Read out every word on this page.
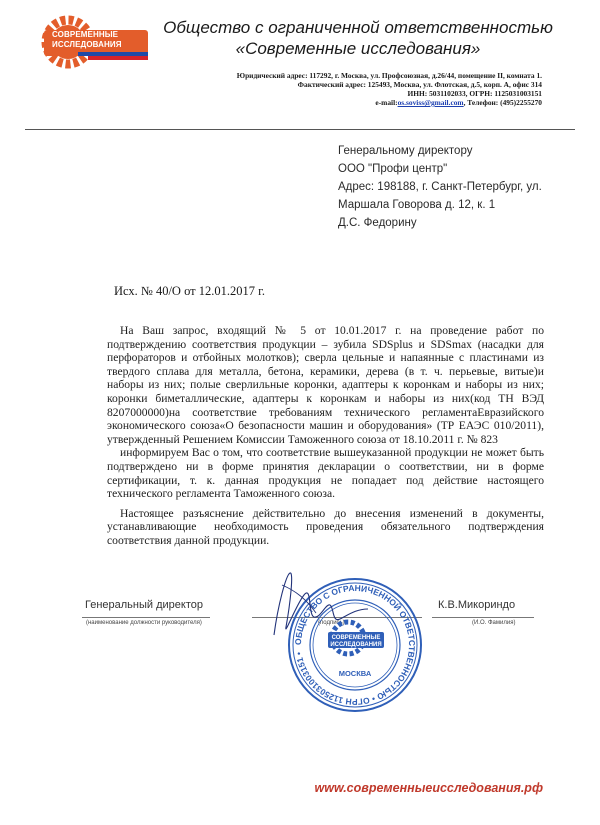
СОВРЕМЕННЫЕ
ИССЛЕДОВАНИЯ
Общество с ограниченной ответственностью
«Современные исследования»
Юридический адрес: 117292, г. Москва, ул. Профсоюзная, д.26/44, помещение II, комната 1.
Фактический адрес: 125493, Москва, ул. Флотская, д.5, корп. А, офис 314
ИНН: 5031102033, ОГРН: 1125031003151
e-mail:os.soviss@gmail.com, Телефон: (495)2255270
Генеральному директору
ООО "Профи центр"
Адрес: 198188, г. Санкт-Петербург, ул.
Маршала Говорова д. 12, к. 1
Д.С. Федорину
Исх. № 40/О от 12.01.2017 г.

На Ваш запрос, входящий № 5 от 10.01.2017 г. на проведение работ по подтверждению соответствия продукции – зубила SDSplus и SDSmax (насадки для перфораторов и отбойных молотков); сверла цельные и напаянные с пластинами из твердого сплава для металла, бетона, керамики, дерева (в т. ч. перьевые, витые)и наборы из них; полые сверлильные коронки, адаптеры к коронкам и наборы из них; коронки биметаллические, адаптеры к коронкам и наборы из них(код ТН ВЭД 8207000000)на соответствие требованиям технического регламентаЕвразийского экономического союза«О безопасности машин и оборудования» (ТР ЕАЭС 010/2011), утвержденный Решением Комиссии Таможенного союза от 18.10.2011 г. № 823

информируем Вас о том, что соответствие вышеуказанной продукции не может быть подтверждено ни в форме принятия декларации о соответствии, ни в форме сертификации, т. к. данная продукция не попадает под действие настоящего технического регламента Таможенного союза.

Настоящее разъяснение действительно до внесения изменений в документы, устанавливающие необходимость проведения обязательного подтверждения соответствия данной продукции.

Генеральный директор
(наименование должности руководителя)	(подпись)
К.В.Микориндо
(И.О. Фамилия)
ОБЩЕСТВО С ОГРАНИЧЕННОЙ ОТВЕТСТВЕННОСТЬЮ • ОГРН 1125031003151 •
СОВРЕМЕННЫЕ
ИССЛЕДОВАНИЯ
МОСКВА
www.современныеисследования.рф
